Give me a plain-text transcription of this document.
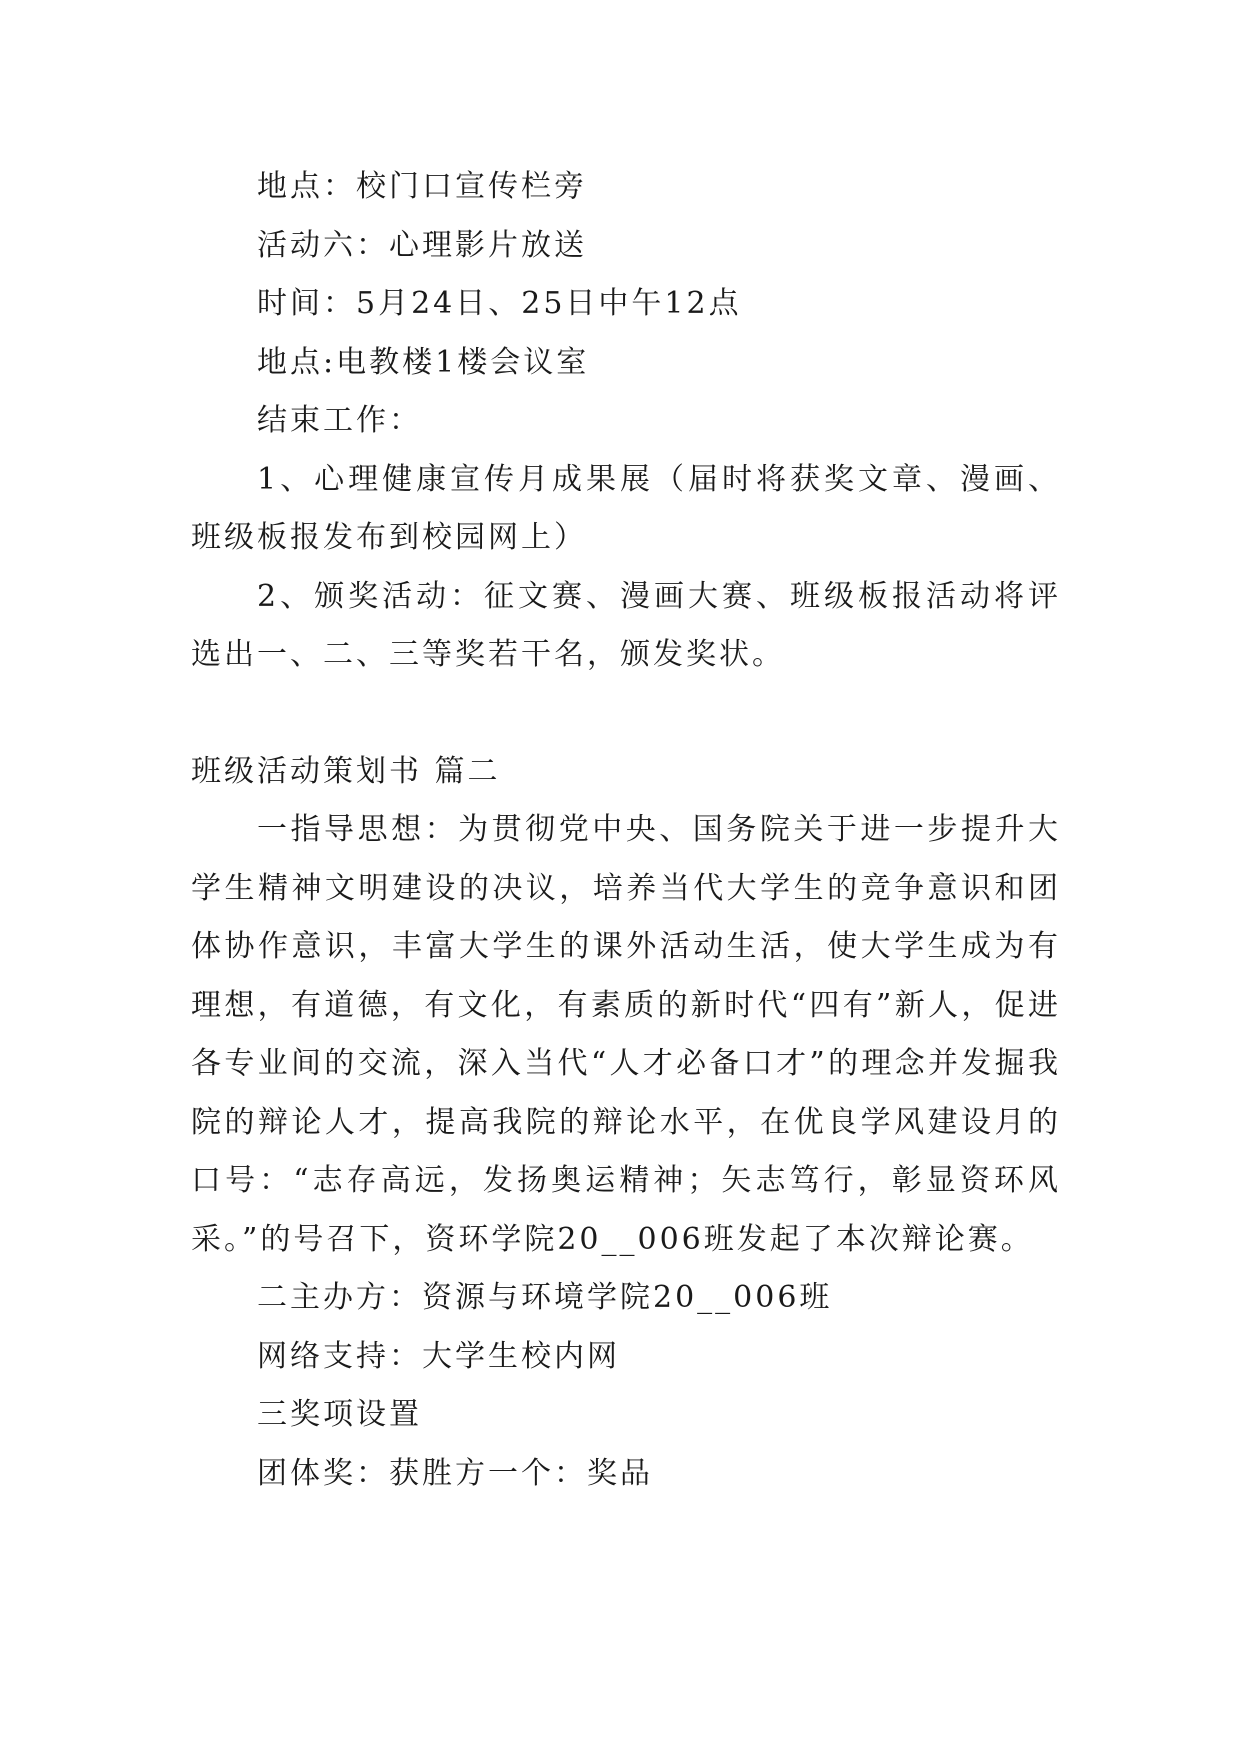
地点：校门口宣传栏旁

活动六：心理影片放送

时间：5月24日、25日中午12点

地点:电教楼1楼会议室

结束工作：

1、心理健康宣传月成果展（届时将获奖文章、漫画、班级板报发布到校园网上）

2、颁奖活动：征文赛、漫画大赛、班级板报活动将评选出一、二、三等奖若干名，颁发奖状。

班级活动策划书 篇二

一指导思想：为贯彻党中央、国务院关于进一步提升大学生精神文明建设的决议，培养当代大学生的竞争意识和团体协作意识，丰富大学生的课外活动生活，使大学生成为有理想，有道德，有文化，有素质的新时代“四有”新人，促进各专业间的交流，深入当代“人才必备口才”的理念并发掘我院的辩论人才，提高我院的辩论水平，在优良学风建设月的口号：“志存高远，发扬奥运精神；矢志笃行，彰显资环风采。”的号召下，资环学院20__006班发起了本次辩论赛。

二主办方：资源与环境学院20__006班

网络支持：大学生校内网

三奖项设置

团体奖：获胜方一个：奖品
